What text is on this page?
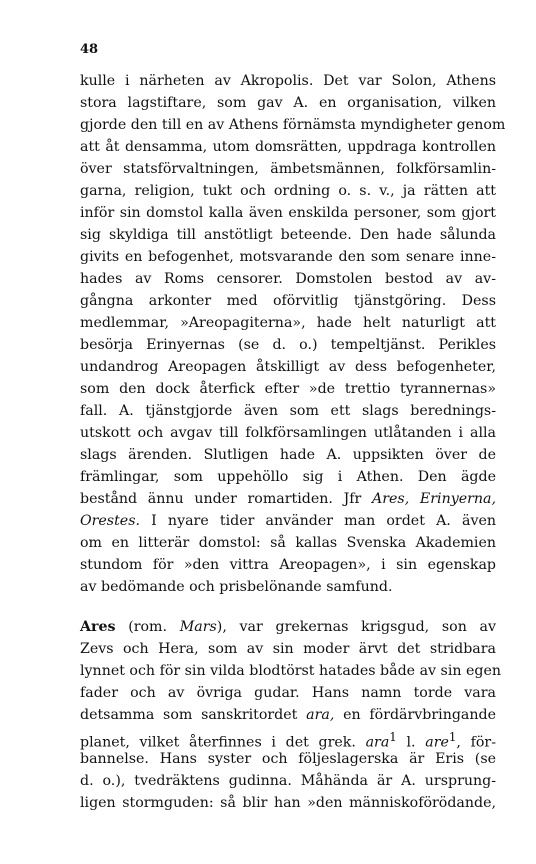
48
kulle i närheten av Akropolis. Det var Solon, Athens
stora lagstiftare, som gav A. en organisation, vilken
gjorde den till en av Athens förnämsta myndigheter genom
att åt densamma, utom domsrätten, uppdraga kontrollen
över statsförvaltningen, ämbetsmännen, folkförsamlin-
garna, religion, tukt och ordning o. s. v., ja rätten att
inför sin domstol kalla även enskilda personer, som gjort
sig skyldiga till anstötligt beteende. Den hade sålunda
givits en befogenhet, motsvarande den som senare inne-
hades av Roms censorer. Domstolen bestod av av-
gångna arkonter med oförvitlig tjänstgöring. Dess
medlemmar, »Areopagiterna», hade helt naturligt att
besörja Erinyernas (se d. o.) tempeltjänst. Perikles
undandrog Areopagen åtskilligt av dess befogenheter,
som den dock återfick efter »de trettio tyrannernas»
fall. A. tjänstgjorde även som ett slags berednings-
utskott och avgav till folkförsamlingen utlåtanden i alla
slags ärenden. Slutligen hade A. uppsikten över de
främlingar, som uppehöllo sig i Athen. Den ägde
bestånd ännu under romartiden. Jfr Ares, Erinyerna,
Orestes. I nyare tider använder man ordet A. även
om en litterär domstol: så kallas Svenska Akademien
stundom för »den vittra Areopagen», i sin egenskap
av bedömande och prisbelönande samfund.
Ares (rom. Mars), var grekernas krigsgud, son av
Zevs och Hera, som av sin moder ärvt det stridbara
lynnet och för sin vilda blodtörst hatades både av sin egen
fader och av övriga gudar. Hans namn torde vara
detsamma som sanskritordet ara, en fördärvbringande
planet, vilket återfinnes i det grek. ara$^1$ l. are$^1$, för-
bannelse. Hans syster och följeslagerska är Eris (se
d. o.), tvedräktens gudinna. Måhända är A. ursprung-
ligen stormguden: så blir han »den människoförödande,
